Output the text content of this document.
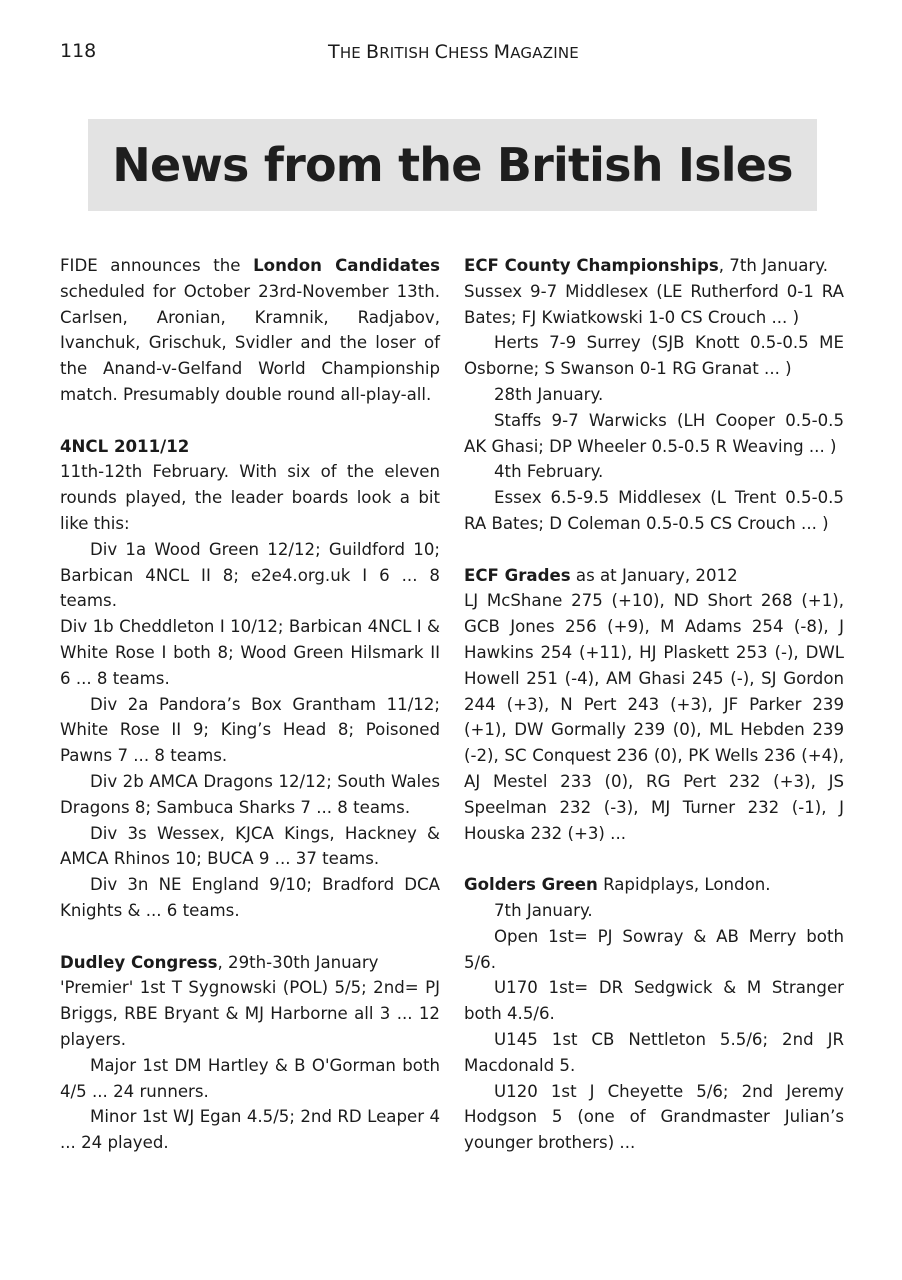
118	THE BRITISH CHESS MAGAZINE
News from the British Isles

FIDE announces the London Candidates scheduled for October 23rd-November 13th. Carlsen, Aronian, Kramnik, Radjabov, Ivanchuk, Grischuk, Svidler and the loser of the Anand-v-Gelfand World Championship match. Presumably double round all-play-all.

4NCL 2011/12

11th-12th February. With six of the eleven rounds played, the leader boards look a bit like this:

Div 1a Wood Green 12/12; Guildford 10; Barbican 4NCL II 8; e2e4.org.uk I 6 ... 8 teams.

Div 1b Cheddleton I 10/12; Barbican 4NCL I & White Rose I both 8; Wood Green Hilsmark II 6 ... 8 teams.

Div 2a Pandora’s Box Grantham 11/12; White Rose II 9; King’s Head 8; Poisoned Pawns 7 ... 8 teams.

Div 2b AMCA Dragons 12/12; South Wales Dragons 8; Sambuca Sharks 7 ... 8 teams.

Div 3s Wessex, KJCA Kings, Hackney & AMCA Rhinos 10; BUCA 9 ... 37 teams.

Div 3n NE England 9/10; Bradford DCA Knights & ... 6 teams.

Dudley Congress, 29th-30th January

'Premier' 1st T Sygnowski (POL) 5/5; 2nd= PJ Briggs, RBE Bryant & MJ Harborne all 3 ... 12 players.

Major 1st DM Hartley & B O'Gorman both 4/5 ... 24 runners.

Minor 1st WJ Egan 4.5/5; 2nd RD Leaper 4 ... 24 played.

ECF County Championships, 7th January.

Sussex 9-7 Middlesex (LE Rutherford 0-1 RA Bates; FJ Kwiatkowski 1-0 CS Crouch ... )

Herts 7-9 Surrey (SJB Knott 0.5-0.5 ME Osborne; S Swanson 0-1 RG Granat ... )

28th January.

Staffs 9-7 Warwicks (LH Cooper 0.5-0.5 AK Ghasi; DP Wheeler 0.5-0.5 R Weaving ... )

4th February.

Essex 6.5-9.5 Middlesex (L Trent 0.5-0.5 RA Bates; D Coleman 0.5-0.5 CS Crouch ... )

ECF Grades as at January, 2012

LJ McShane 275 (+10), ND Short 268 (+1), GCB Jones 256 (+9), M Adams 254 (-8), J Hawkins 254 (+11), HJ Plaskett 253 (-), DWL Howell 251 (-4), AM Ghasi 245 (-), SJ Gordon 244 (+3), N Pert 243 (+3), JF Parker 239 (+1), DW Gormally 239 (0), ML Hebden 239 (-2), SC Conquest 236 (0), PK Wells 236 (+4), AJ Mestel 233 (0), RG Pert 232 (+3), JS Speelman 232 (-3), MJ Turner 232 (-1), J Houska 232 (+3) ...

Golders Green Rapidplays, London.

7th January.

Open 1st= PJ Sowray & AB Merry both 5/6.

U170 1st= DR Sedgwick & M Stranger both 4.5/6.

U145 1st CB Nettleton 5.5/6; 2nd JR Macdonald 5.

U120 1st J Cheyette 5/6; 2nd Jeremy Hodgson 5 (one of Grandmaster Julian’s younger brothers) ...
